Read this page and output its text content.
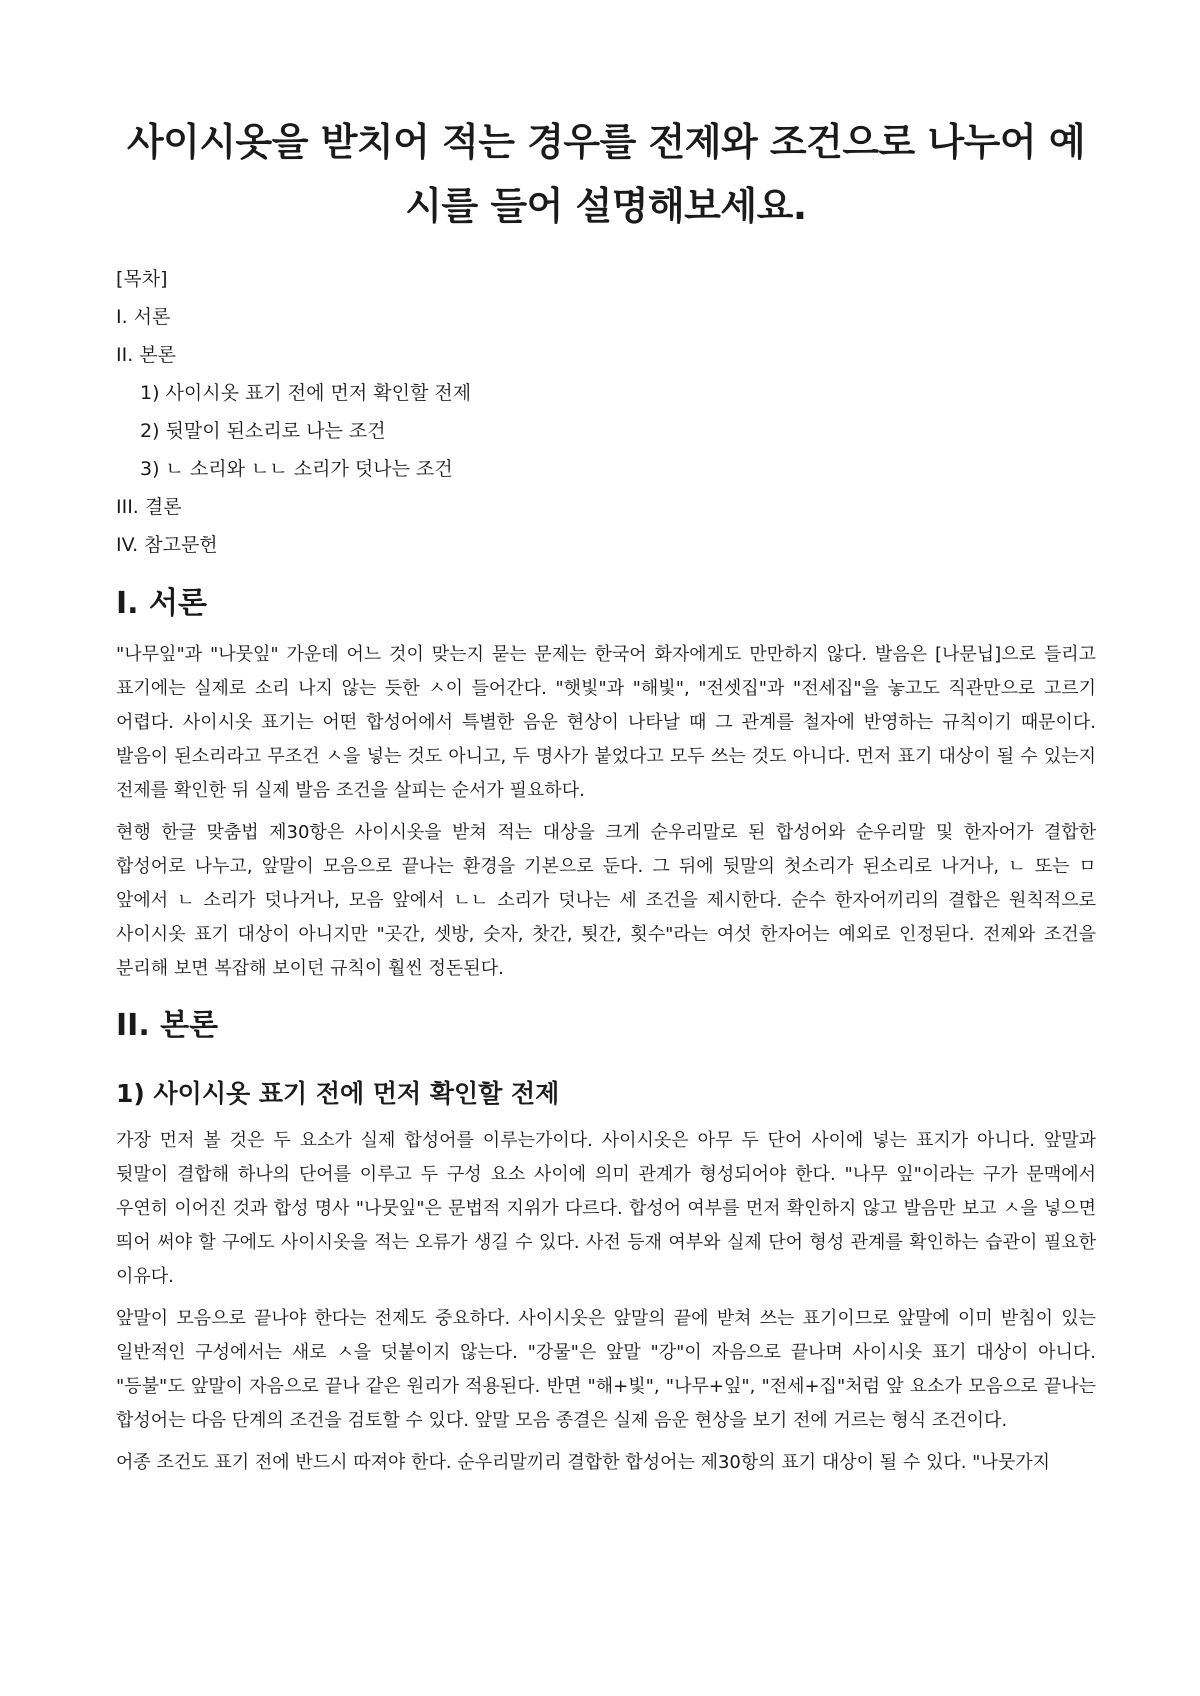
사이시옷을 받치어 적는 경우를 전제와 조건으로 나누어 예시를 들어 설명해보세요.
[목차]
I. 서론
II. 본론
1) 사이시옷 표기 전에 먼저 확인할 전제
2) 뒷말이 된소리로 나는 조건
3) ㄴ 소리와 ㄴㄴ 소리가 덧나는 조건
III. 결론
IV. 참고문헌
I. 서론

"나무잎"과 "나뭇잎" 가운데 어느 것이 맞는지 묻는 문제는 한국어 화자에게도 만만하지 않다. 발음은 [나문닙]으로 들리고 표기에는 실제로 소리 나지 않는 듯한 ㅅ이 들어간다. "햇빛"과 "해빛", "전셋집"과 "전세집"을 놓고도 직관만으로 고르기 어렵다. 사이시옷 표기는 어떤 합성어에서 특별한 음운 현상이 나타날 때 그 관계를 철자에 반영하는 규칙이기 때문이다. 발음이 된소리라고 무조건 ㅅ을 넣는 것도 아니고, 두 명사가 붙었다고 모두 쓰는 것도 아니다. 먼저 표기 대상이 될 수 있는지 전제를 확인한 뒤 실제 발음 조건을 살피는 순서가 필요하다.

현행 한글 맞춤법 제30항은 사이시옷을 받쳐 적는 대상을 크게 순우리말로 된 합성어와 순우리말 및 한자어가 결합한 합성어로 나누고, 앞말이 모음으로 끝나는 환경을 기본으로 둔다. 그 뒤에 뒷말의 첫소리가 된소리로 나거나, ㄴ 또는 ㅁ 앞에서 ㄴ 소리가 덧나거나, 모음 앞에서 ㄴㄴ 소리가 덧나는 세 조건을 제시한다. 순수 한자어끼리의 결합은 원칙적으로 사이시옷 표기 대상이 아니지만 "곳간, 셋방, 숫자, 찻간, 툇간, 횟수"라는 여섯 한자어는 예외로 인정된다. 전제와 조건을 분리해 보면 복잡해 보이던 규칙이 훨씬 정돈된다.

II. 본론
1) 사이시옷 표기 전에 먼저 확인할 전제

가장 먼저 볼 것은 두 요소가 실제 합성어를 이루는가이다. 사이시옷은 아무 두 단어 사이에 넣는 표지가 아니다. 앞말과 뒷말이 결합해 하나의 단어를 이루고 두 구성 요소 사이에 의미 관계가 형성되어야 한다. "나무 잎"이라는 구가 문맥에서 우연히 이어진 것과 합성 명사 "나뭇잎"은 문법적 지위가 다르다. 합성어 여부를 먼저 확인하지 않고 발음만 보고 ㅅ을 넣으면 띄어 써야 할 구에도 사이시옷을 적는 오류가 생길 수 있다. 사전 등재 여부와 실제 단어 형성 관계를 확인하는 습관이 필요한 이유다.

앞말이 모음으로 끝나야 한다는 전제도 중요하다. 사이시옷은 앞말의 끝에 받쳐 쓰는 표기이므로 앞말에 이미 받침이 있는 일반적인 구성에서는 새로 ㅅ을 덧붙이지 않는다. "강물"은 앞말 "강"이 자음으로 끝나며 사이시옷 표기 대상이 아니다. "등불"도 앞말이 자음으로 끝나 같은 원리가 적용된다. 반면 "해+빛", "나무+잎", "전세+집"처럼 앞 요소가 모음으로 끝나는 합성어는 다음 단계의 조건을 검토할 수 있다. 앞말 모음 종결은 실제 음운 현상을 보기 전에 거르는 형식 조건이다.

어종 조건도 표기 전에 반드시 따져야 한다. 순우리말끼리 결합한 합성어는 제30항의 표기 대상이 될 수 있다. "나뭇가지
